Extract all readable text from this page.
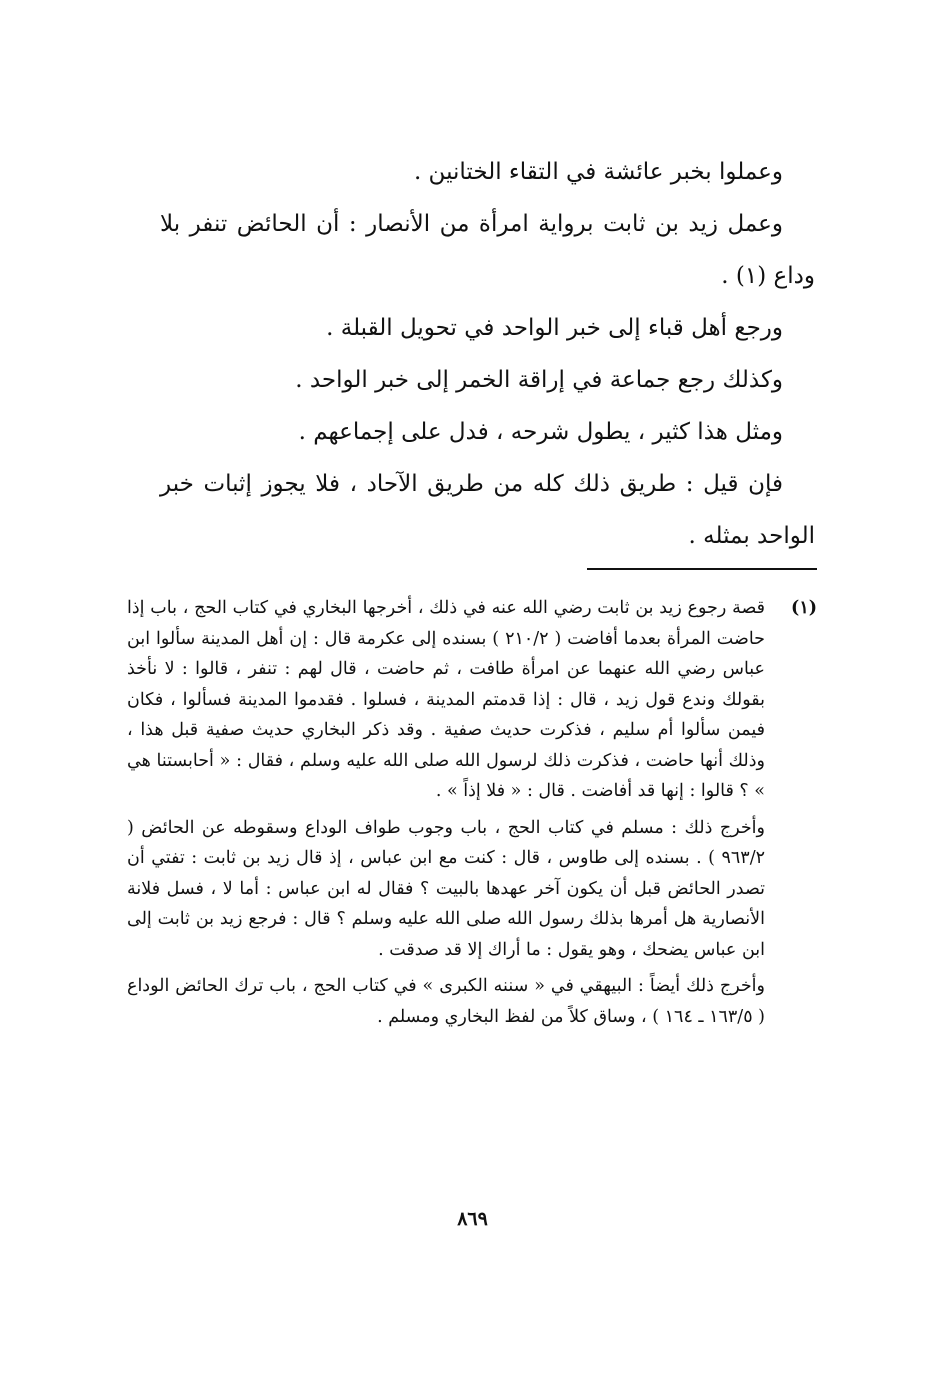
وعملوا بخبر عائشة في التقاء الختانين .

وعمل زيد بن ثابت برواية امرأة من الأنصار : أن الحائض تنفر بلا وداع (١) .

ورجع أهل قباء إلى خبر الواحد في تحويل القبلة .

وكذلك رجع جماعة في إراقة الخمر إلى خبر الواحد .

ومثل هذا كثير ، يطول شرحه ، فدل على إجماعهم .

فإن قيل : طريق ذلك كله من طريق الآحاد ، فلا يجوز إثبات خبر الواحد بمثله .

(١)

قصة رجوع زيد بن ثابت رضي الله عنه في ذلك ، أخرجها البخاري في كتاب الحج ، باب إذا حاضت المرأة بعدما أفاضت ( ٢١٠/٢ ) بسنده إلى عكرمة قال : إن أهل المدينة سألوا ابن عباس رضي الله عنهما عن امرأة طافت ، ثم حاضت ، قال لهم : تنفر ، قالوا : لا نأخذ بقولك وندع قول زيد ، قال : إذا قدمتم المدينة ، فسلوا . فقدموا المدينة فسألوا ، فكان فيمن سألوا أم سليم ، فذكرت حديث صفية . وقد ذكر البخاري حديث صفية قبل هذا ، وذلك أنها حاضت ، فذكرت ذلك لرسول الله صلى الله عليه وسلم ، فقال : « أحابستنا هي » ؟ قالوا : إنها قد أفاضت . قال : « فلا إذاً » .

وأخرج ذلك : مسلم في كتاب الحج ، باب وجوب طواف الوداع وسقوطه عن الحائض ( ٩٦٣/٢ ) . بسنده إلى طاوس ، قال : كنت مع ابن عباس ، إذ قال زيد بن ثابت : تفتي أن تصدر الحائض قبل أن يكون آخر عهدها بالبيت ؟ فقال له ابن عباس : أما لا ، فسل فلانة الأنصارية هل أمرها بذلك رسول الله صلى الله عليه وسلم ؟ قال : فرجع زيد بن ثابت إلى ابن عباس يضحك ، وهو يقول : ما أراك إلا قد صدقت .

وأخرج ذلك أيضاً : البيهقي في « سننه الكبرى » في كتاب الحج ، باب ترك الحائض الوداع ( ١٦٣/٥ ـ ١٦٤ ) ، وساق كلاً من لفظ البخاري ومسلم .

٨٦٩
